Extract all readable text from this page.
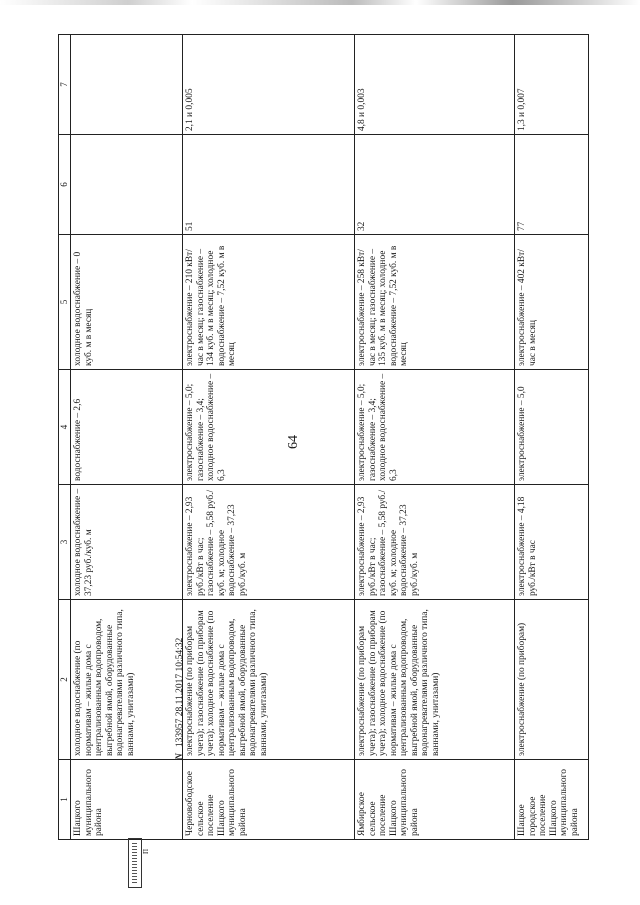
64
1	2	3	4	5	6	7
Шацкого муниципального района	холодное водоснабжение (по нормативам – жилые дома с централизованным водопроводом, выгребной ямой, оборудованные водонагревателями различного типа, ваннами, унитазами)	холодное водоснабжение – 37,23 руб./куб. м	водоснабжение – 2,6	холодное водоснабжение – 0 куб. м в месяц		
Черновободское сельское поселение Шацкого муниципального района	электроснабжение (по приборам учета); газоснабжение (по приборам учета); холодное водоснабжение (по нормативам – жилые дома с централизованным водопроводом, выгребной ямой, оборудованные водонагревателями различного типа, ваннами, унитазами)	электроснабжение – 2,93 руб./кВт в час; газоснабжение – 5,58 руб./куб. м; холодное водоснабжение – 37,23 руб./куб. м	электроснабжение – 5,0; газоснабжение – 3,4; холодное водоснабжение – 6,3	электроснабжение – 210 кВт/час в месяц; газоснабжение – 134 куб. м в месяц; холодное водоснабжение – 7,52 куб. м в месяц	51	2,1 и 0,005
Ямбирское сельское поселение Шацкого муниципального района	электроснабжение (по приборам учета); газоснабжение (по приборам учета); холодное водоснабжение (по нормативам – жилые дома с централизованным водопроводом, выгребной ямой, оборудованные водонагревателями различного типа, ваннами, унитазами)	электроснабжение – 2,93 руб./кВт в час; газоснабжение – 5,58 руб./куб. м; холодное водоснабжение – 37,23 руб./куб. м	электроснабжение – 5,0; газоснабжение – 3,4; холодное водоснабжение – 6,3	электроснабжение – 258 кВт/час в месяц; газоснабжение – 135 куб. м в месяц; холодное водоснабжение – 7,52 куб. м в месяц	32	4,8 и 0,003
Шацкое городское поселение Шацкого муниципального района	электроснабжение (по приборам)	электроснабжение – 4,18 руб./кВт в час	электроснабжение – 5,0	электроснабжение – 402 кВт/час в месяц	77	1,3 и 0,007
П
N133957 28.11.2017 10:54:32
